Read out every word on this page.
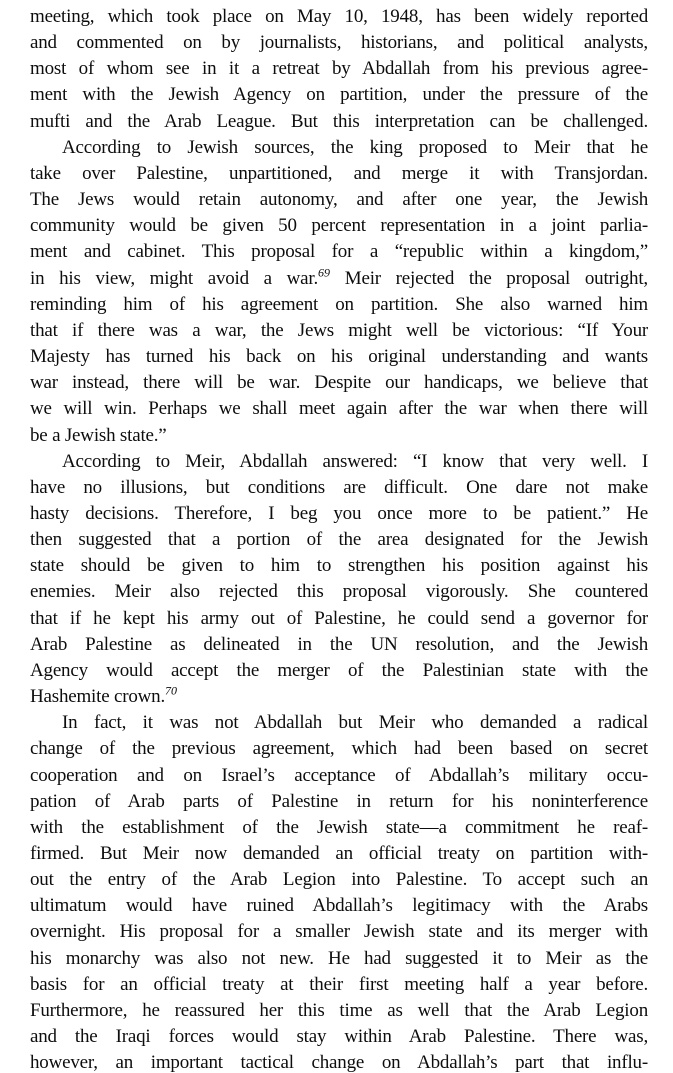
meeting, which took place on May 10, 1948, has been widely reported
and commented on by journalists, historians, and political analysts,
most of whom see in it a retreat by Abdallah from his previous agree-
ment with the Jewish Agency on partition, under the pressure of the
mufti and the Arab League. But this interpretation can be challenged.
According to Jewish sources, the king proposed to Meir that he
take over Palestine, unpartitioned, and merge it with Transjordan.
The Jews would retain autonomy, and after one year, the Jewish
community would be given 50 percent representation in a joint parlia-
ment and cabinet. This proposal for a “republic within a kingdom,”
in his view, might avoid a war.$^{69}$ Meir rejected the proposal outright,
reminding him of his agreement on partition. She also warned him
that if there was a war, the Jews might well be victorious: “If Your
Majesty has turned his back on his original understanding and wants
war instead, there will be war. Despite our handicaps, we believe that
we will win. Perhaps we shall meet again after the war when there will
be a Jewish state.”
According to Meir, Abdallah answered: “I know that very well. I
have no illusions, but conditions are difficult. One dare not make
hasty decisions. Therefore, I beg you once more to be patient.” He
then suggested that a portion of the area designated for the Jewish
state should be given to him to strengthen his position against his
enemies. Meir also rejected this proposal vigorously. She countered
that if he kept his army out of Palestine, he could send a governor for
Arab Palestine as delineated in the UN resolution, and the Jewish
Agency would accept the merger of the Palestinian state with the
Hashemite crown.$^{70}$
In fact, it was not Abdallah but Meir who demanded a radical
change of the previous agreement, which had been based on secret
cooperation and on Israel’s acceptance of Abdallah’s military occu-
pation of Arab parts of Palestine in return for his noninterference
with the establishment of the Jewish state—a commitment he reaf-
firmed. But Meir now demanded an official treaty on partition with-
out the entry of the Arab Legion into Palestine. To accept such an
ultimatum would have ruined Abdallah’s legitimacy with the Arabs
overnight. His proposal for a smaller Jewish state and its merger with
his monarchy was also not new. He had suggested it to Meir as the
basis for an official treaty at their first meeting half a year before.
Furthermore, he reassured her this time as well that the Arab Legion
and the Iraqi forces would stay within Arab Palestine. There was,
however, an important tactical change on Abdallah’s part that influ-
